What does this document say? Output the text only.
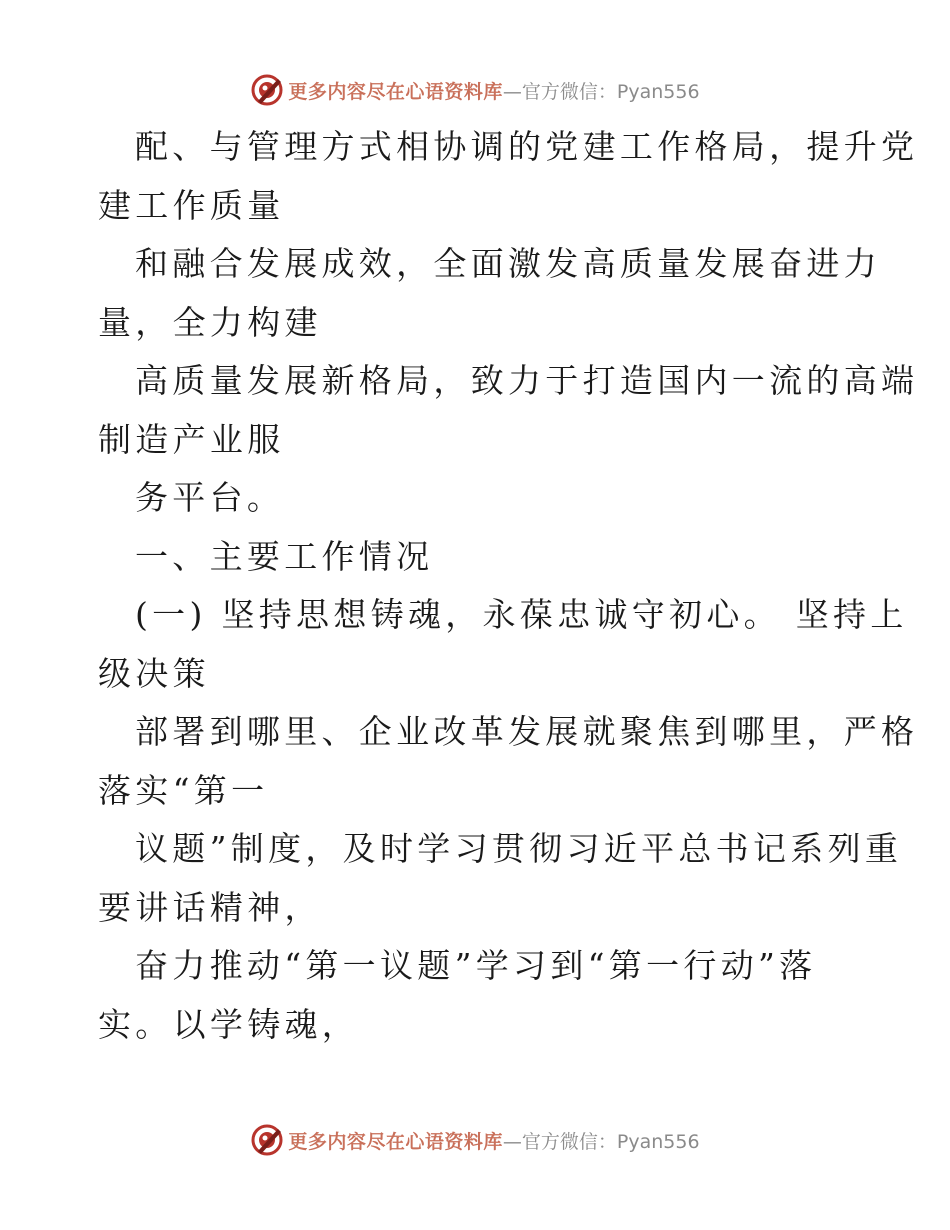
更多内容尽在心语资料库 —官方微信：Pyan556
配、与管理方式相协调的党建工作格局，提升党
建工作质量
和融合发展成效，全面激发高质量发展奋进力
量，全力构建
高质量发展新格局，致力于打造国内一流的高端
制造产业服
务平台。
一、主要工作情况
(一) 坚持思想铸魂，永葆忠诚守初心。 坚持上
级决策
部署到哪里、企业改革发展就聚焦到哪里，严格
落实“第一
议题”制度，及时学习贯彻习近平总书记系列重
要讲话精神，
奋力推动“第一议题”学习到“第一行动”落
实。以学铸魂，
更多内容尽在心语资料库 —官方微信：Pyan556
